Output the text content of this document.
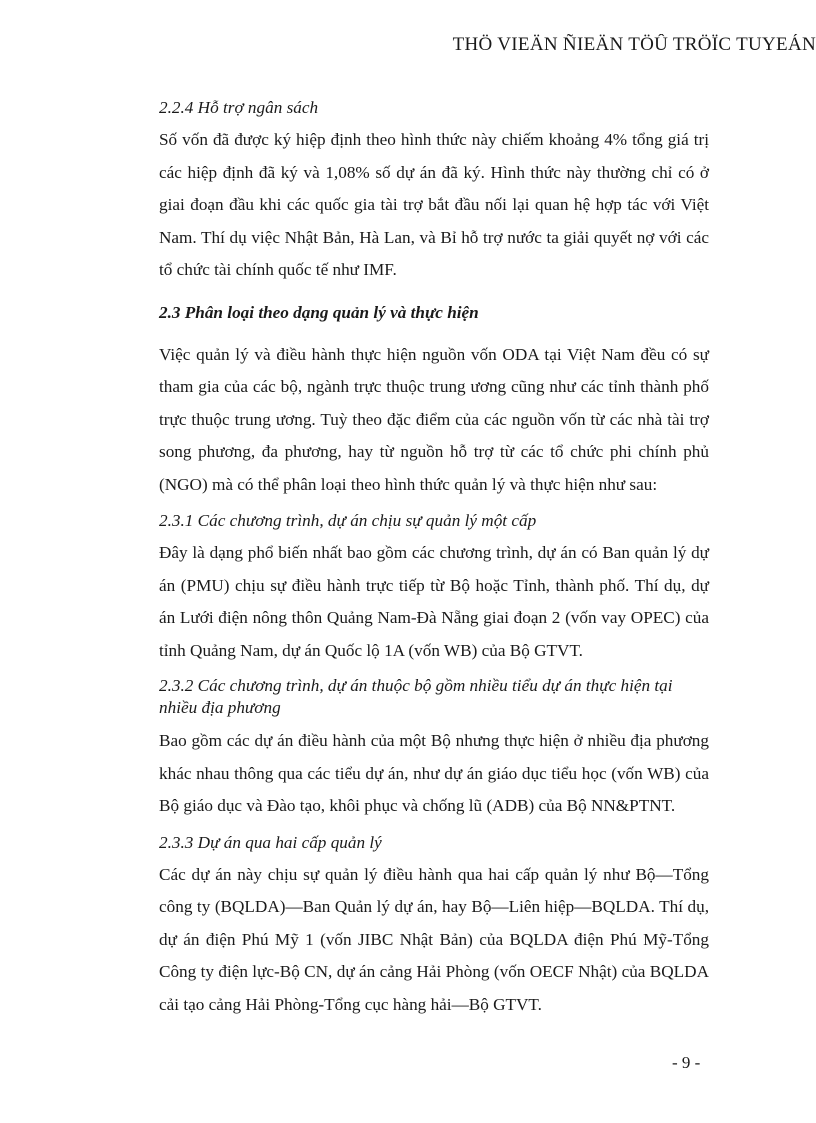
THÖ VIEÄN ÑIEÄN TÖÛ TRÖÏC TUYEÁN
2.2.4 Hỗ trợ ngân sách

Số vốn đã được ký hiệp định theo hình thức này chiếm khoảng 4% tổng giá trị các hiệp định đã ký và 1,08% số dự án đã ký. Hình thức này thường chỉ có ở giai đoạn đầu khi các quốc gia tài trợ bắt đầu nối lại quan hệ hợp tác với Việt Nam. Thí dụ việc Nhật Bản, Hà Lan, và Bỉ hỗ trợ nước ta giải quyết nợ với các tổ chức tài chính quốc tế như IMF.

2.3 Phân loại theo dạng quản lý và thực hiện

Việc quản lý và điều hành thực hiện nguồn vốn ODA tại Việt Nam đều có sự tham gia của các bộ, ngành trực thuộc trung ương cũng như các tỉnh thành phố trực thuộc trung ương. Tuỳ theo đặc điểm của các nguồn vốn từ các nhà tài trợ song phương, đa phương, hay từ nguồn hỗ trợ từ các tổ chức phi chính phủ (NGO) mà có thể phân loại theo hình thức quản lý và thực hiện như sau:

2.3.1 Các chương trình, dự án chịu sự quản lý một cấp

Đây là dạng phổ biến nhất bao gồm các chương trình, dự án có Ban quản lý dự án (PMU) chịu sự điều hành trực tiếp từ Bộ hoặc Tỉnh, thành phố. Thí dụ, dự án Lưới điện nông thôn Quảng Nam-Đà Nẵng giai đoạn 2 (vốn vay OPEC) của tỉnh Quảng Nam, dự án Quốc lộ 1A (vốn WB) của Bộ GTVT.

2.3.2 Các chương trình, dự án thuộc bộ gồm nhiều tiểu dự án thực hiện tại nhiều địa phương

Bao gồm các dự án điều hành của một Bộ nhưng thực hiện ở nhiều địa phương khác nhau thông qua các tiểu dự án, như dự án giáo dục tiểu học (vốn WB) của Bộ giáo dục và Đào tạo, khôi phục và chống lũ (ADB) của Bộ NN&PTNT.

2.3.3 Dự án qua hai cấp quản lý

Các dự án này chịu sự quản lý điều hành qua hai cấp quản lý như Bộ—Tổng công ty (BQLDA)—Ban Quản lý dự án, hay Bộ—Liên hiệp—BQLDA. Thí dụ, dự án điện Phú Mỹ 1 (vốn JIBC Nhật Bản) của BQLDA điện Phú Mỹ-Tổng Công ty điện lực-Bộ CN, dự án cảng Hải Phòng (vốn OECF Nhật) của BQLDA cải tạo cảng Hải Phòng-Tổng cục hàng hải—Bộ GTVT.

- 9 -
